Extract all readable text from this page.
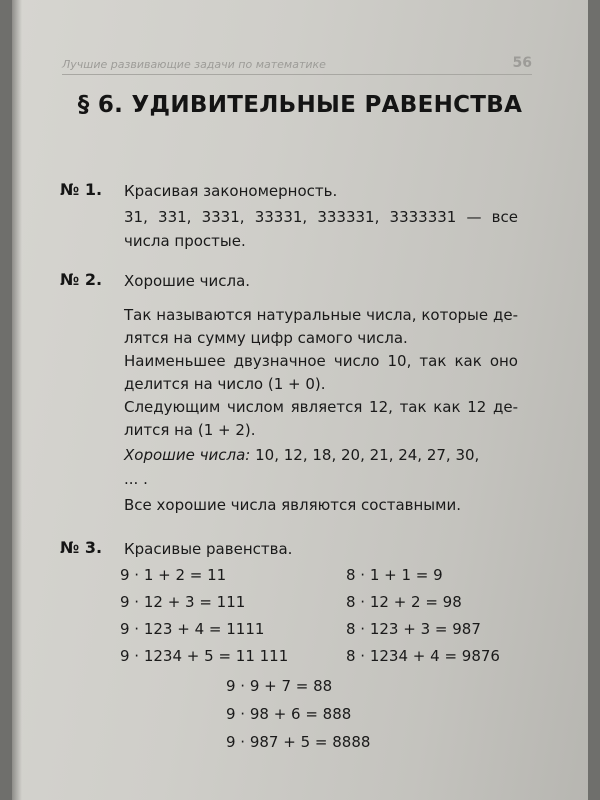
Лучшие развивающие задачи по математике	56
§ 6. УДИВИТЕЛЬНЫЕ РАВЕНСТВА
№ 1. Красивая закономерность.
31, 331, 3331, 33331, 333331, 3333331 — все
числа простые.
№ 2. Хорошие числа.
Так называются натуральные числа, которые де-
лятся на сумму цифр самого числа.
Наименьшее двузначное число 10, так как оно
делится на число (1 + 0).
Следующим числом является 12, так как 12 де-
лится на (1 + 2).
Хорошие числа: 10, 12, 18, 20, 21, 24, 27, 30,
... .
Все хорошие числа являются составными.
№ 3. Красивые равенства.
9 · 1 + 2 = 11
9 · 12 + 3 = 111
9 · 123 + 4 = 1111
9 · 1234 + 5 = 11 111
8 · 1 + 1 = 9
8 · 12 + 2 = 98
8 · 123 + 3 = 987
8 · 1234 + 4 = 9876
9 · 9 + 7 = 88
9 · 98 + 6 = 888
9 · 987 + 5 = 8888
